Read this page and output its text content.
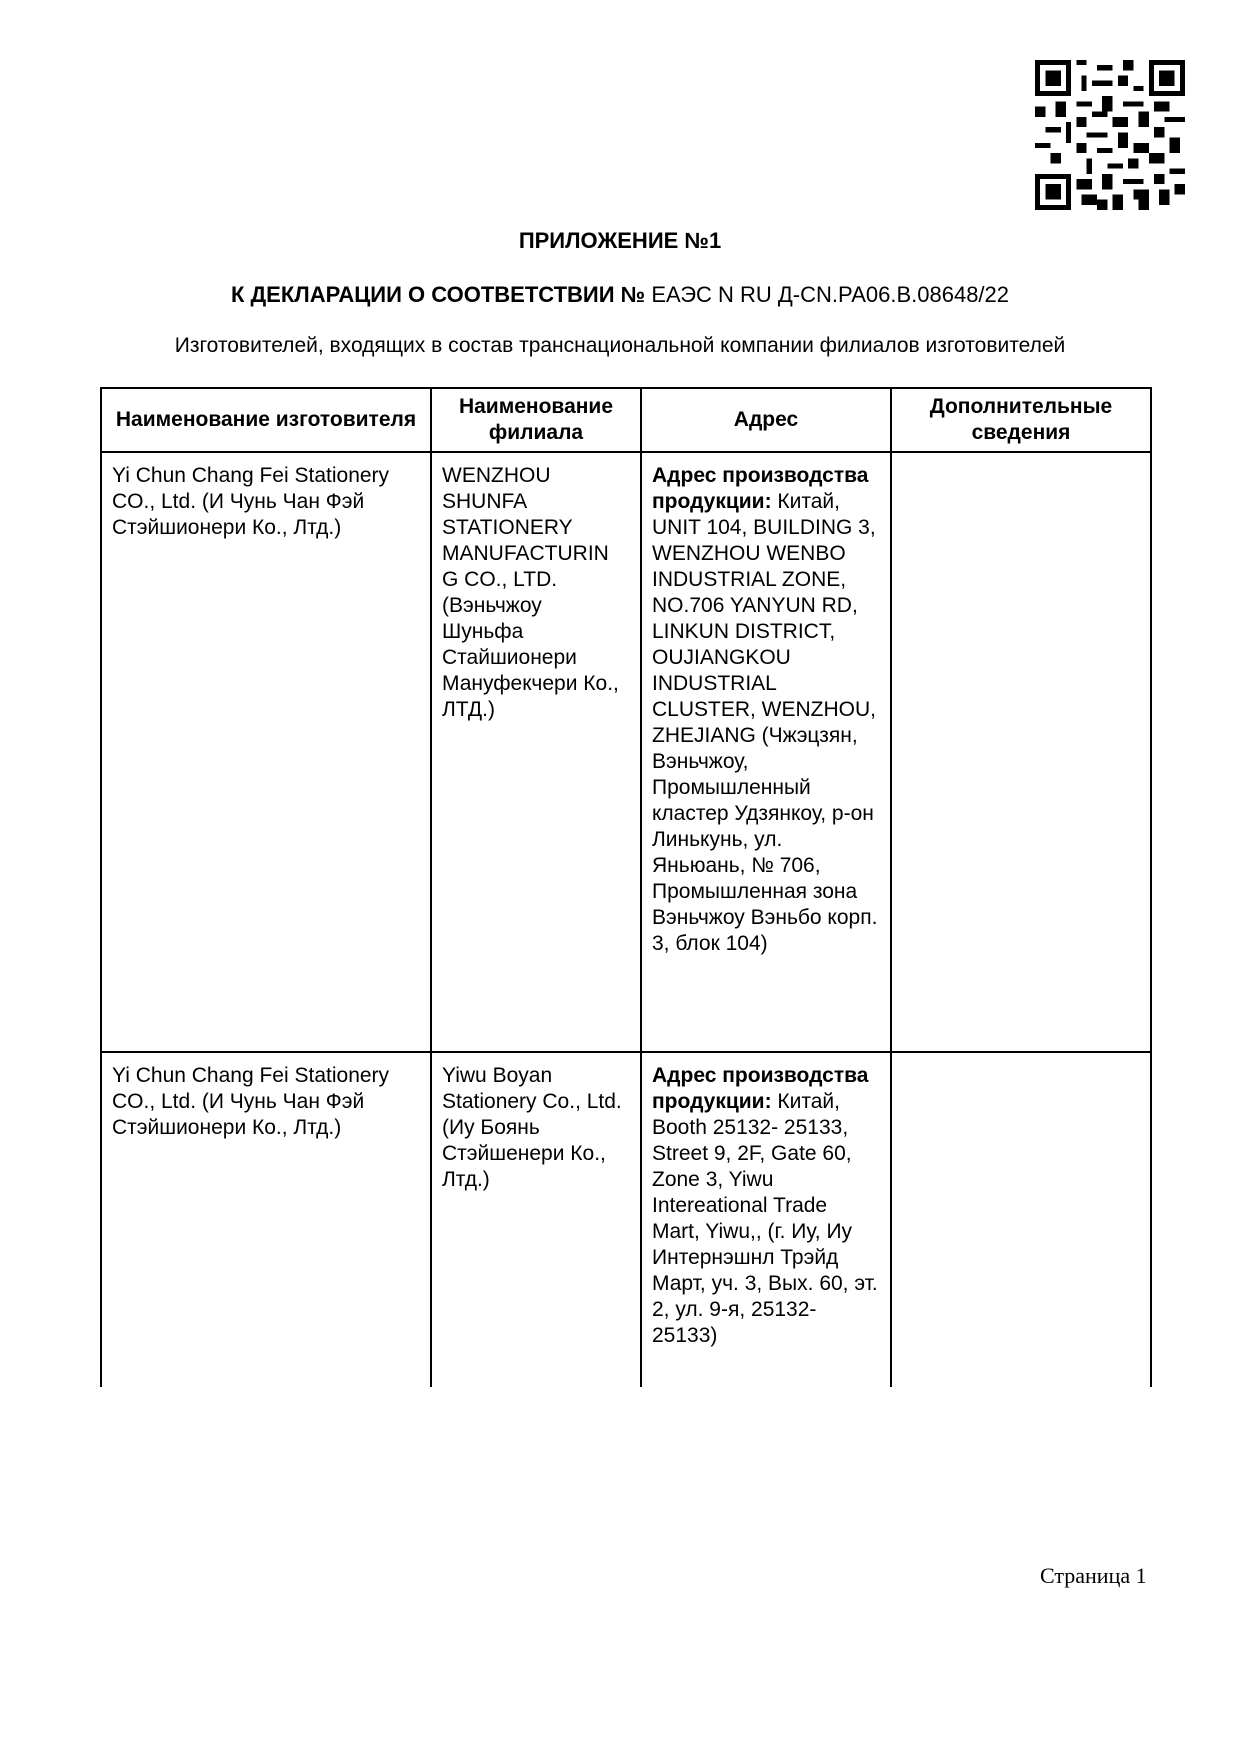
ПРИЛОЖЕНИЕ №1
К ДЕКЛАРАЦИИ О СООТВЕТСТВИИ № ЕАЭС N RU Д-CN.РА06.В.08648/22
Изготовителей, входящих в состав транснациональной компании филиалов изготовителей
Наименование изготовителя	Наименование филиала	Адрес	Дополнительные сведения
Yi Chun Chang Fei Stationery CO., Ltd. (И Чунь Чан Фэй Стэйшионери Ко., Лтд.)	WENZHOU SHUNFA STATIONERY MANUFACTURIN G CO., LTD. (Вэньчжоу Шуньфа Стайшионери Мануфекчери Ко., ЛТД.)	Адрес производства продукции: Китай, UNIT 104, BUILDING 3, WENZHOU WENBO INDUSTRIAL ZONE, NO.706 YANYUN RD, LINKUN DISTRICT, OUJIANGKOU INDUSTRIAL CLUSTER, WENZHOU, ZHEJIANG (Чжэцзян, Вэньчжоу, Промышленный кластер Удзянкоу, р-он Линькунь, ул. Яньюань, № 706, Промышленная зона Вэньчжоу Вэньбо корп. 3, блок 104)	
Yi Chun Chang Fei Stationery CO., Ltd. (И Чунь Чан Фэй Стэйшионери Ко., Лтд.)	Yiwu Boyan Stationery Co., Ltd. (Иу Боянь Стэйшенери Ко., Лтд.)	Адрес производства продукции: Китай, Booth 25132- 25133, Street 9, 2F, Gate 60, Zone 3, Yiwu Intereational Trade Mart, Yiwu,, (г. Иу, Иу Интернэшнл Трэйд Март, уч. 3, Вых. 60, эт. 2, ул. 9-я, 25132-25133)	
Страница 1
